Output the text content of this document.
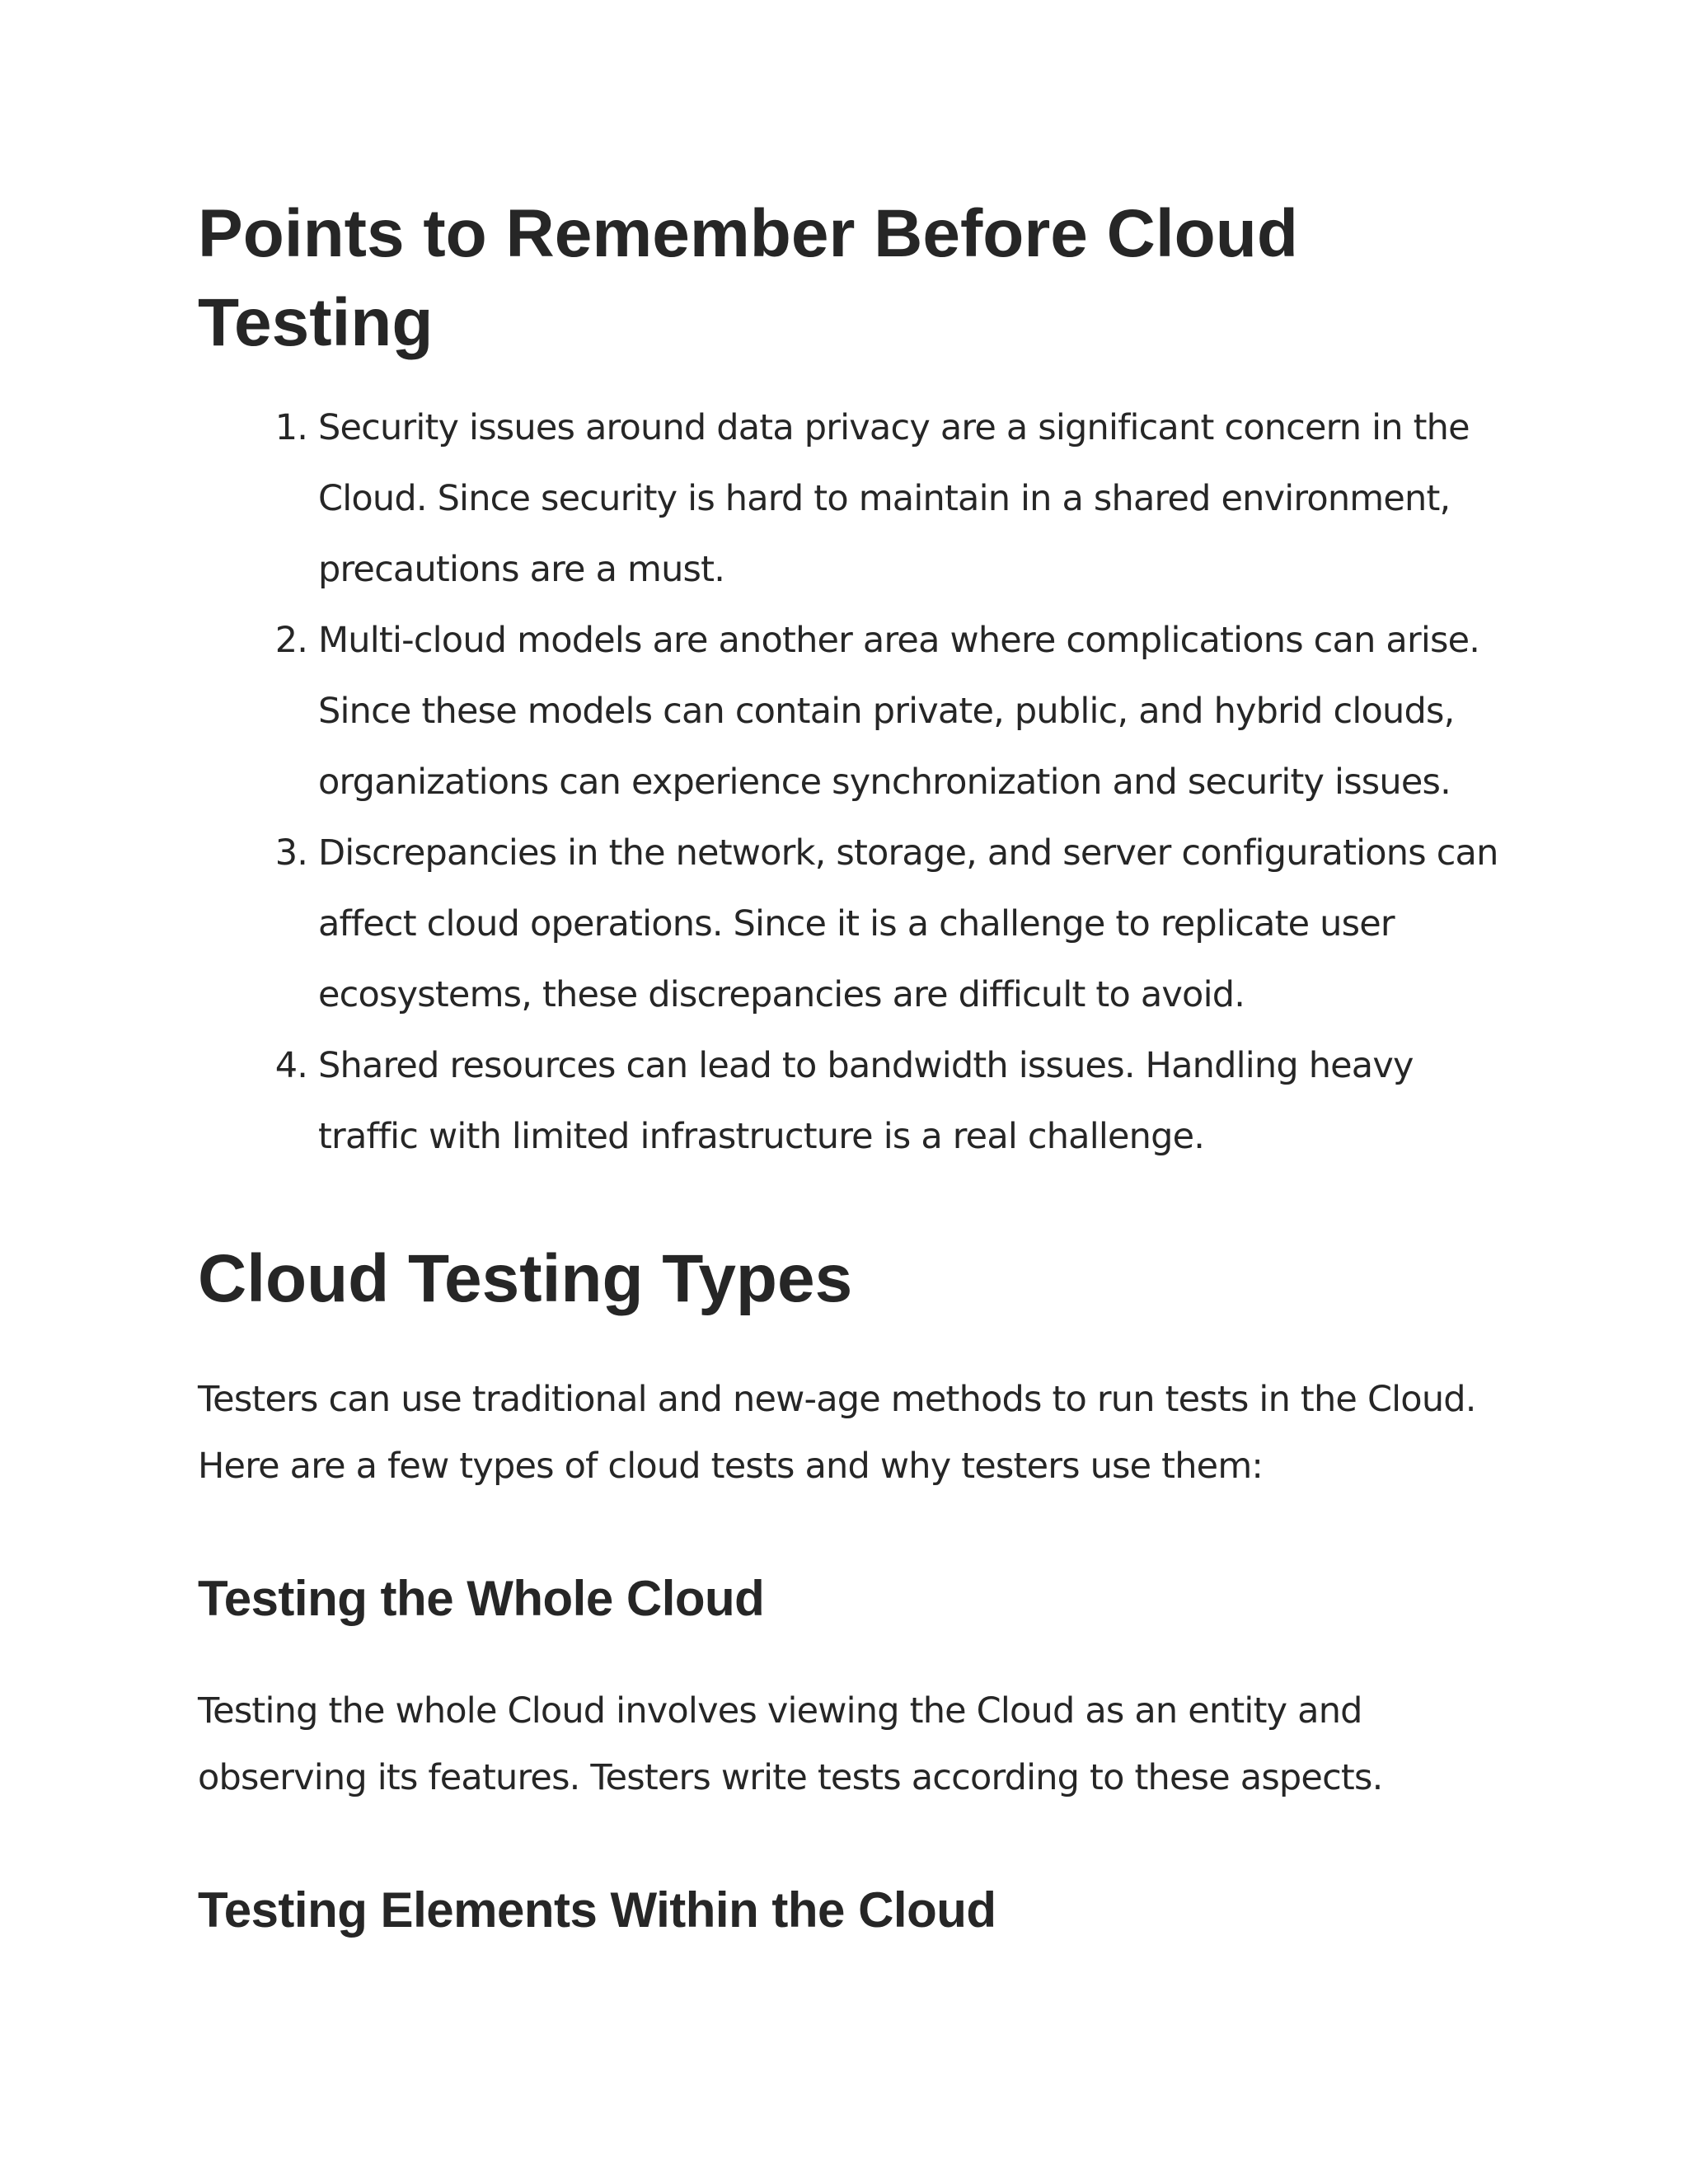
Points to Remember Before Cloud Testing
1. Security issues around data privacy are a significant concern in the Cloud. Since security is hard to maintain in a shared environment, precautions are a must.
2. Multi-cloud models are another area where complications can arise. Since these models can contain private, public, and hybrid clouds, organizations can experience synchronization and security issues.
3. Discrepancies in the network, storage, and server configurations can affect cloud operations. Since it is a challenge to replicate user ecosystems, these discrepancies are difficult to avoid.
4. Shared resources can lead to bandwidth issues. Handling heavy traffic with limited infrastructure is a real challenge.
Cloud Testing Types

Testers can use traditional and new-age methods to run tests in the Cloud. Here are a few types of cloud tests and why testers use them:

Testing the Whole Cloud

Testing the whole Cloud involves viewing the Cloud as an entity and observing its features. Testers write tests according to these aspects.

Testing Elements Within the Cloud
